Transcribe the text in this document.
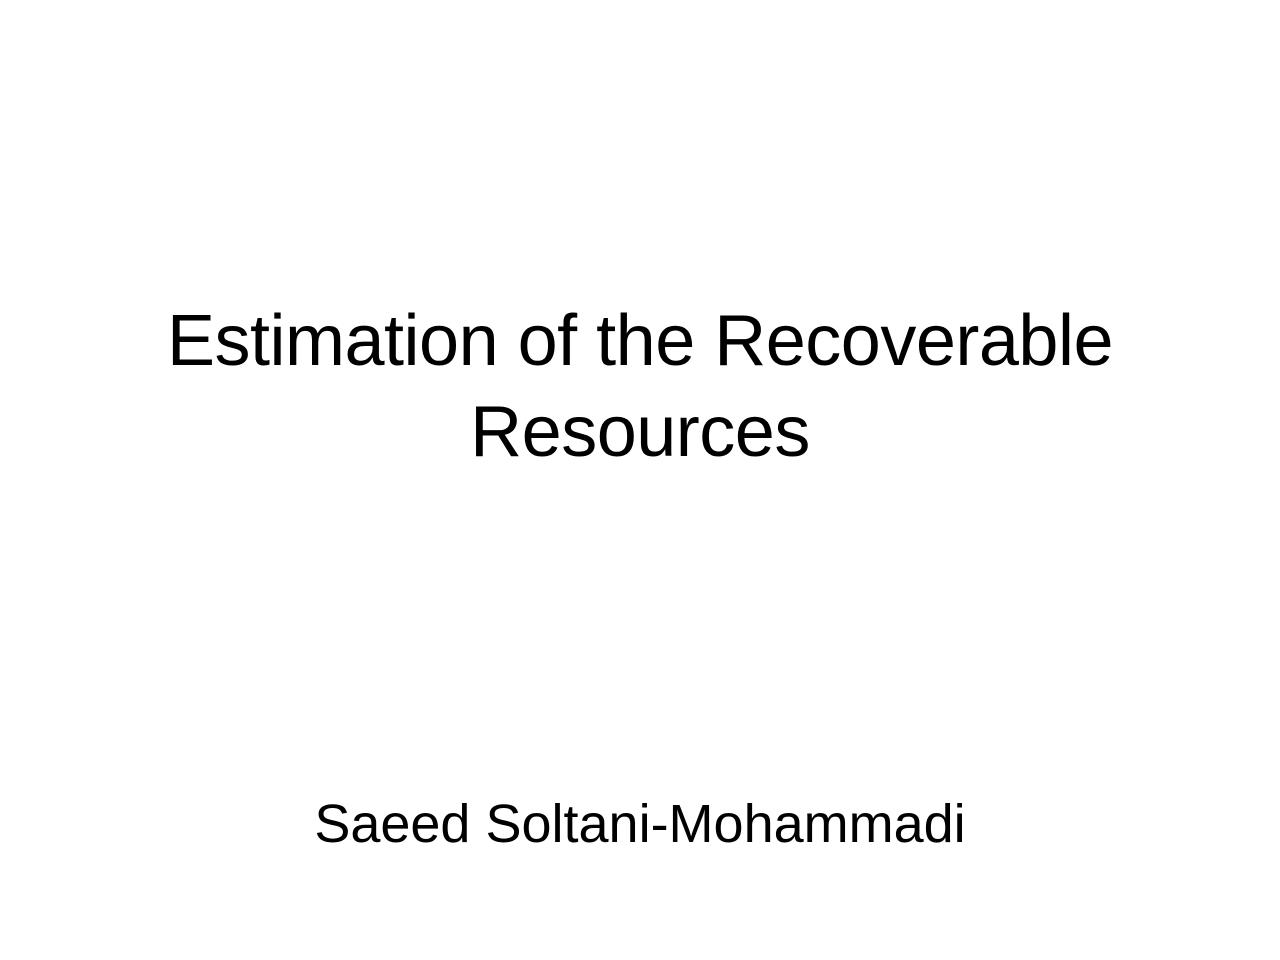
Estimation of the Recoverable Resources

Saeed Soltani-Mohammadi
